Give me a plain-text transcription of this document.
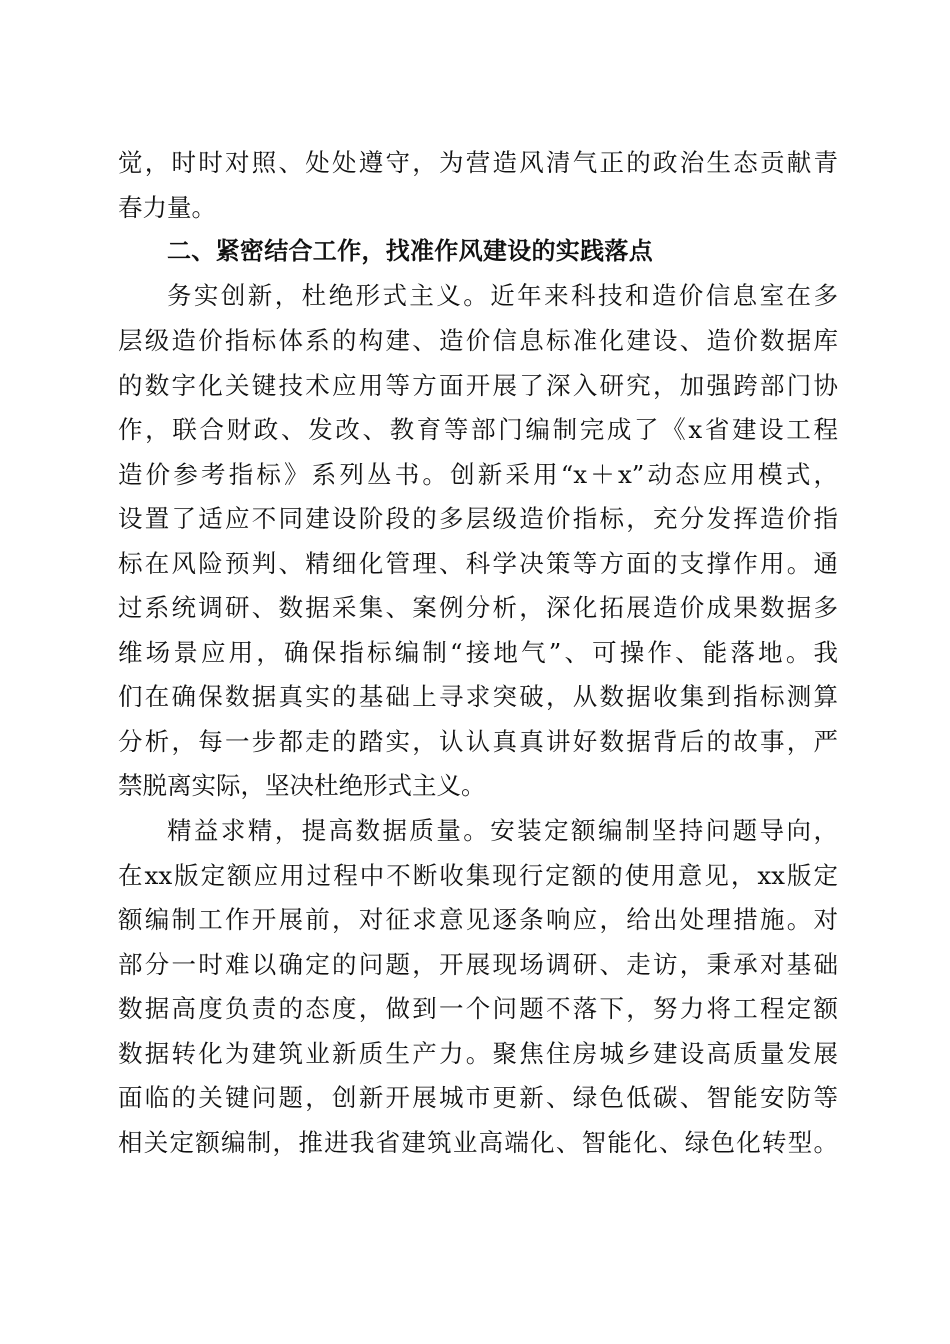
觉，时时对照、处处遵守，为营造风清气正的政治生态贡献青
春力量。
二、紧密结合工作，找准作风建设的实践落点
务实创新，杜绝形式主义。近年来科技和造价信息室在多
层级造价指标体系的构建、造价信息标准化建设、造价数据库
的数字化关键技术应用等方面开展了深入研究，加强跨部门协
作，联合财政、发改、教育等部门编制完成了《x省建设工程
造价参考指标》系列丛书。创新采用“x＋x”动态应用模式，
设置了适应不同建设阶段的多层级造价指标，充分发挥造价指
标在风险预判、精细化管理、科学决策等方面的支撑作用。通
过系统调研、数据采集、案例分析，深化拓展造价成果数据多
维场景应用，确保指标编制“接地气”、可操作、能落地。我
们在确保数据真实的基础上寻求突破，从数据收集到指标测算
分析，每一步都走的踏实，认认真真讲好数据背后的故事，严
禁脱离实际，坚决杜绝形式主义。
精益求精，提高数据质量。安装定额编制坚持问题导向，
在xx版定额应用过程中不断收集现行定额的使用意见，xx版定
额编制工作开展前，对征求意见逐条响应，给出处理措施。对
部分一时难以确定的问题，开展现场调研、走访，秉承对基础
数据高度负责的态度，做到一个问题不落下，努力将工程定额
数据转化为建筑业新质生产力。聚焦住房城乡建设高质量发展
面临的关键问题，创新开展城市更新、绿色低碳、智能安防等
相关定额编制，推进我省建筑业高端化、智能化、绿色化转型。
